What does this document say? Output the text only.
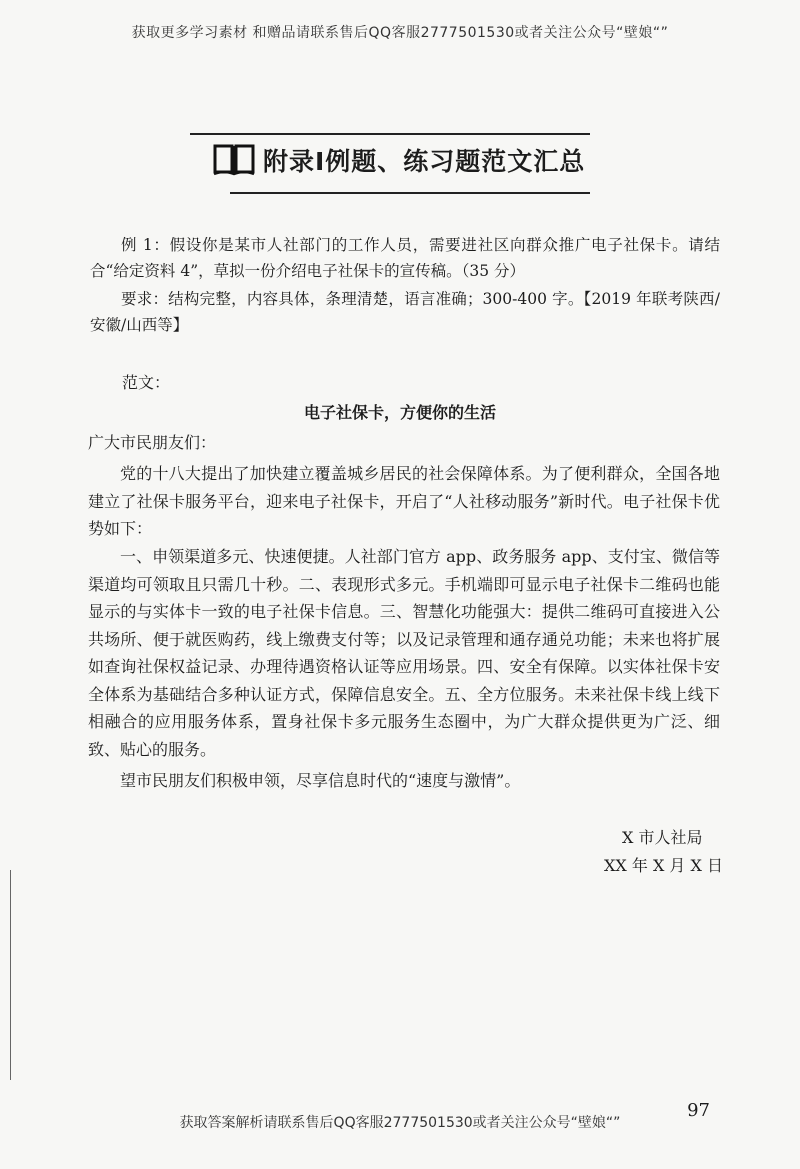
获取更多学习素材 和赠品请联系售后QQ客服2777501530或者关注公众号“壁娘“”
附录Ⅰ例题、练习题范文汇总
例 1：假设你是某市人社部门的工作人员，需要进社区向群众推广电子社保卡。请结合“给定资料 4”，草拟一份介绍电子社保卡的宣传稿。（35 分）
要求：结构完整，内容具体，条理清楚，语言准确；300-400 字。【2019 年联考陕西/安徽/山西等】
范文：
电子社保卡，方便你的生活
广大市民朋友们：
党的十八大提出了加快建立覆盖城乡居民的社会保障体系。为了便利群众，全国各地建立了社保卡服务平台，迎来电子社保卡，开启了“人社移动服务”新时代。电子社保卡优势如下：
一、申领渠道多元、快速便捷。人社部门官方 app、政务服务 app、支付宝、微信等渠道均可领取且只需几十秒。二、表现形式多元。手机端即可显示电子社保卡二维码也能显示的与实体卡一致的电子社保卡信息。三、智慧化功能强大：提供二维码可直接进入公共场所、便于就医购药，线上缴费支付等；以及记录管理和通存通兑功能；未来也将扩展如查询社保权益记录、办理待遇资格认证等应用场景。四、安全有保障。以实体社保卡安全体系为基础结合多种认证方式，保障信息安全。五、全方位服务。未来社保卡线上线下相融合的应用服务体系，置身社保卡多元服务生态圈中，为广大群众提供更为广泛、细致、贴心的服务。
望市民朋友们积极申领，尽享信息时代的“速度与激情”。
X 市人社局
XX 年 X 月 X 日
97
获取答案解析请联系售后QQ客服2777501530或者关注公众号“壁娘“”
